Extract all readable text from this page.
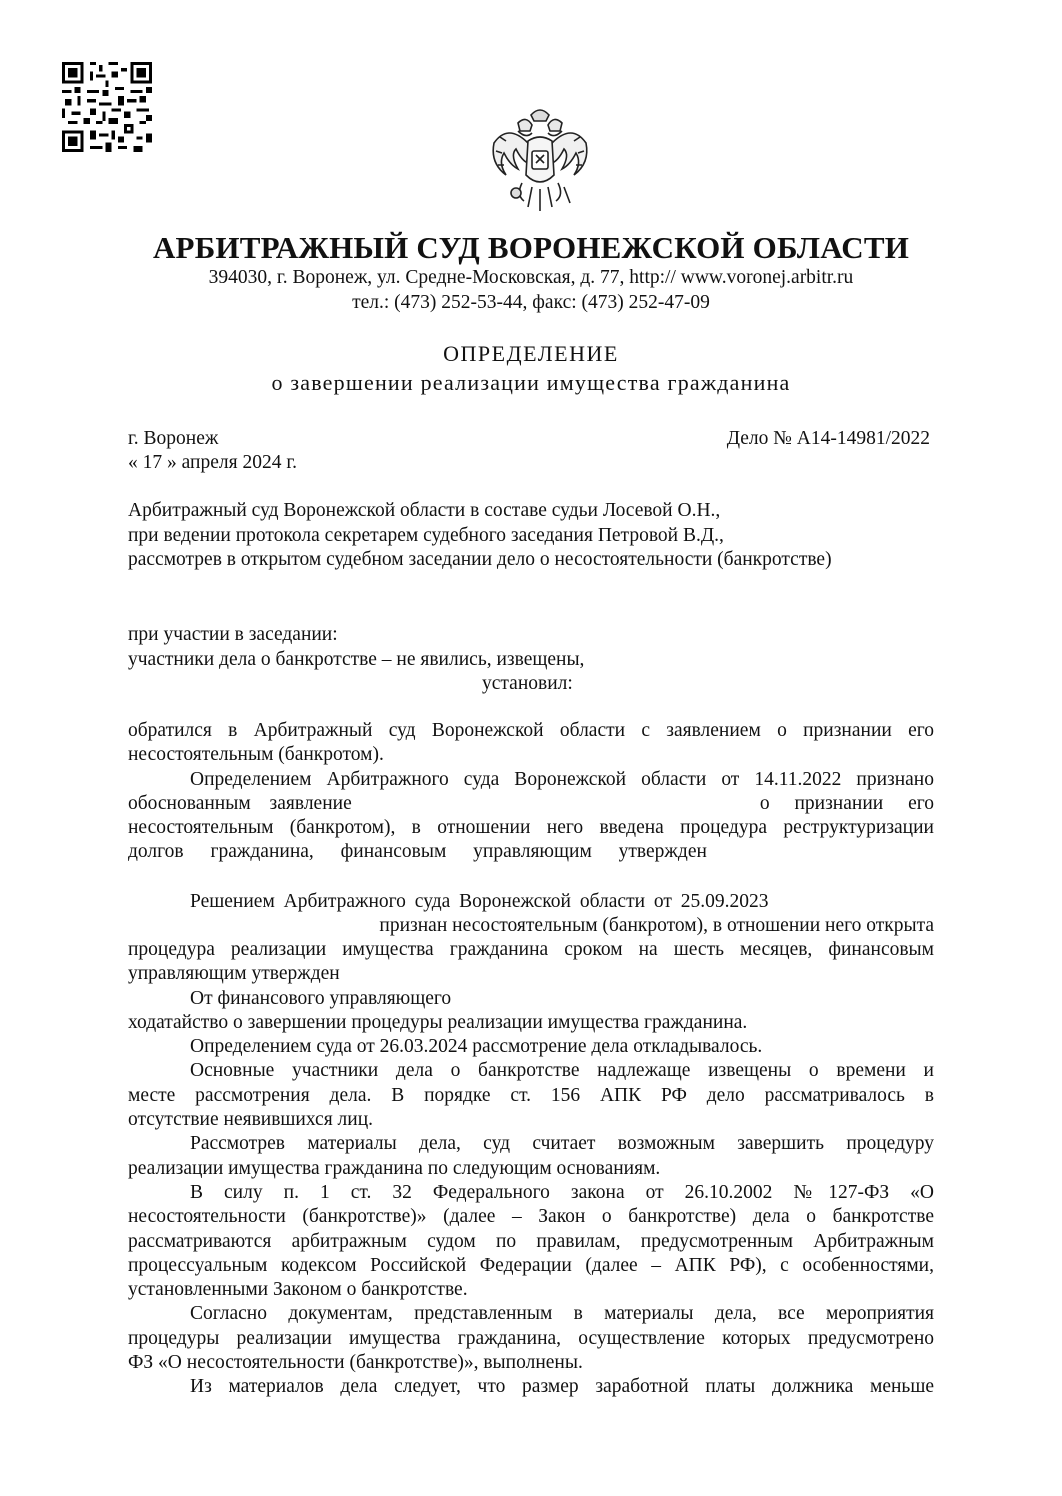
АРБИТРАЖНЫЙ СУД ВОРОНЕЖСКОЙ ОБЛАСТИ
394030, г. Воронеж, ул. Средне-Московская, д. 77, http:// www.voronej.arbitr.ru
тел.: (473) 252-53-44, факс: (473) 252-47-09
ОПРЕДЕЛЕНИЕ
о завершении реализации имущества гражданина
г. Воронеж	Дело № А14-14981/2022
« 17 » апреля 2024 г.
Арбитражный суд Воронежской области в составе судьи Лосевой О.Н.,
при ведении протокола секретарем судебного заседания Петровой В.Д.,
рассмотрев в открытом судебном заседании дело о несостоятельности (банкротстве)
при участии в заседании:
участники дела о банкротстве – не явились, извещены,
установил:
обратился в Арбитражный суд Воронежской области с заявлением о признании его
несостоятельным (банкротом).
Определением Арбитражного суда Воронежской области от 14.11.2022 признано
обоснованным заявление	о признании его
несостоятельным (банкротом), в отношении него введена процедура реструктуризации
долгов гражданина, финансовым управляющим утвержден
Решением Арбитражного суда Воронежской области от 25.09.2023
признан несостоятельным (банкротом), в отношении него открыта
процедура реализации имущества гражданина сроком на шесть месяцев, финансовым
управляющим утвержден
От финансового управляющего
ходатайство о завершении процедуры реализации имущества гражданина.
Определением суда от 26.03.2024 рассмотрение дела откладывалось.
Основные участники дела о банкротстве надлежаще извещены о времени и
месте рассмотрения дела. В порядке ст. 156 АПК РФ дело рассматривалось в
отсутствие неявившихся лиц.
Рассмотрев материалы дела, суд считает возможным завершить процедуру
реализации имущества гражданина по следующим основаниям.
В силу п. 1 ст. 32 Федерального закона от 26.10.2002 №127-ФЗ «О
несостоятельности (банкротстве)» (далее – Закон о банкротстве) дела о банкротстве
рассматриваются арбитражным судом по правилам, предусмотренным Арбитражным
процессуальным кодексом Российской Федерации (далее – АПК РФ), с особенностями,
установленными Законом о банкротстве.
Согласно документам, представленным в материалы дела, все мероприятия
процедуры реализации имущества гражданина, осуществление которых предусмотрено
ФЗ «О несостоятельности (банкротстве)», выполнены.
Из материалов дела следует, что размер заработной платы должника меньше
